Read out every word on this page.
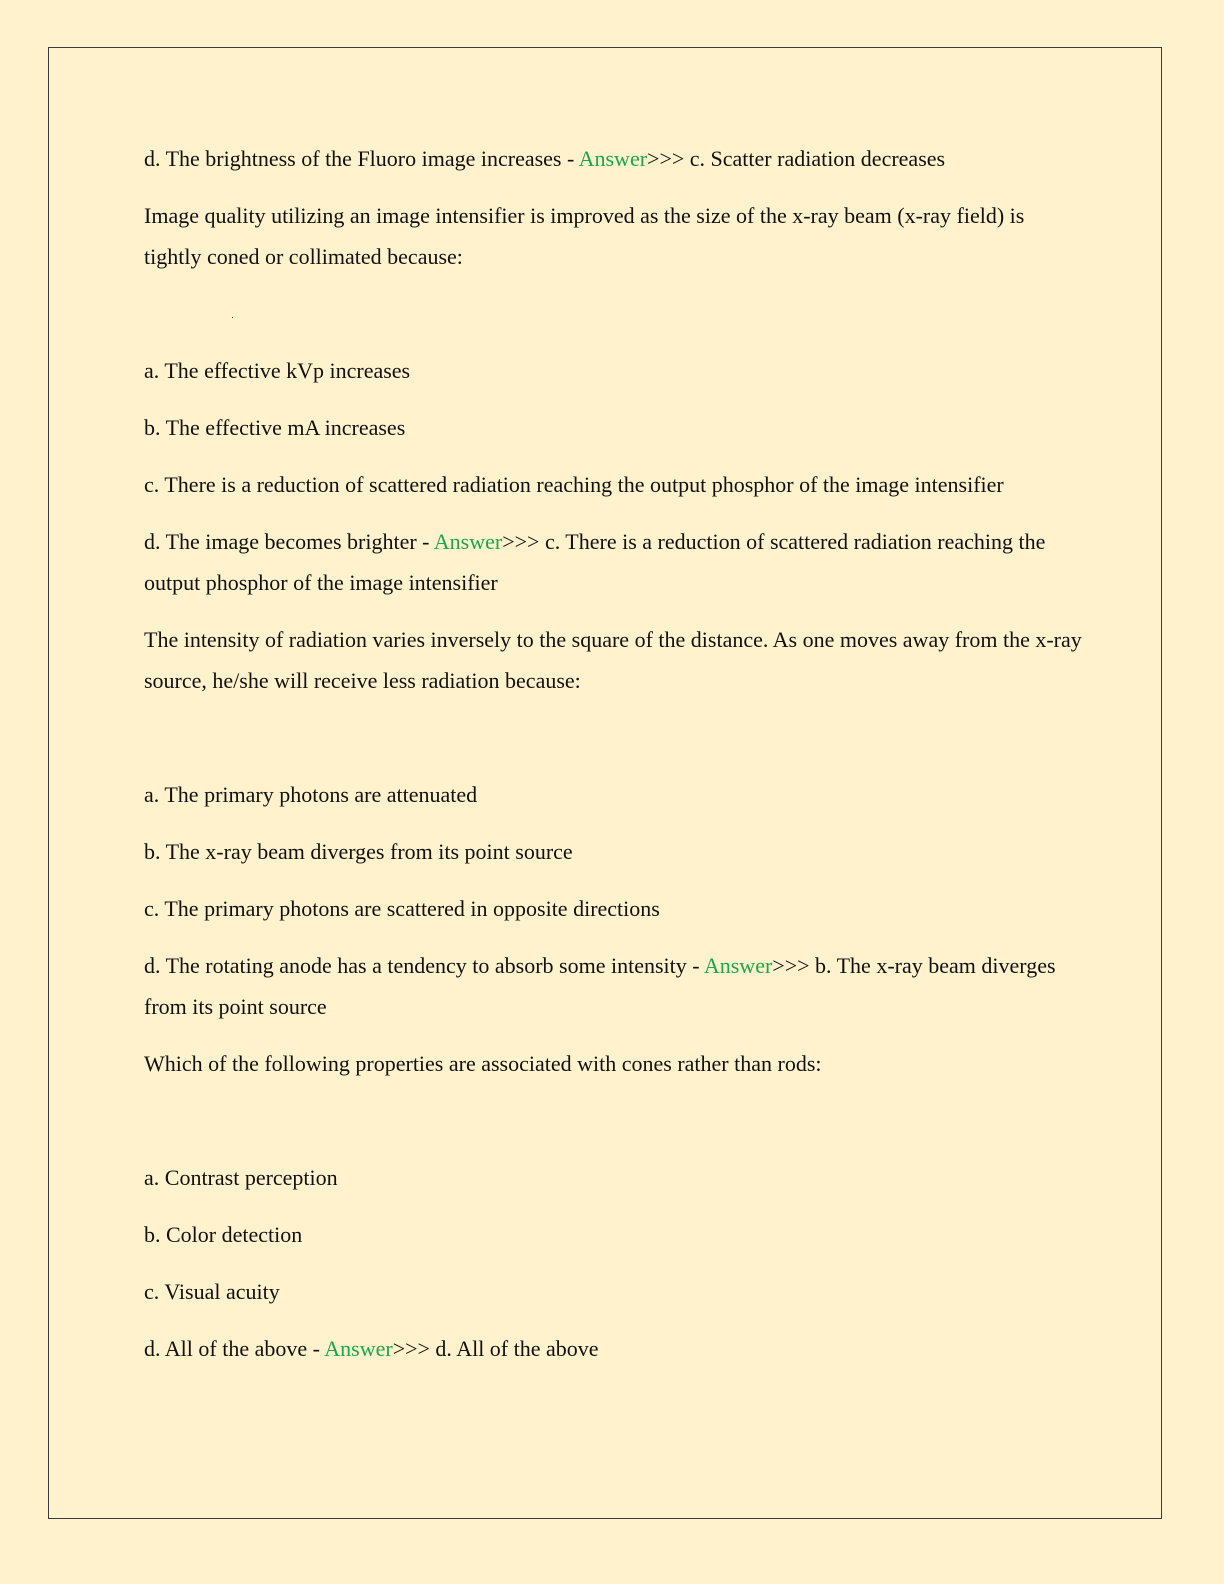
d. The brightness of the Fluoro image increases - Answer>>> c. Scatter radiation decreases

Image quality utilizing an image intensifier is improved as the size of the x-ray beam (x-ray field) is tightly coned or collimated because:

a. The effective kVp increases

b. The effective mA increases

c. There is a reduction of scattered radiation reaching the output phosphor of the image intensifier

d. The image becomes brighter - Answer>>> c. There is a reduction of scattered radiation reaching the output phosphor of the image intensifier

The intensity of radiation varies inversely to the square of the distance. As one moves away from the x-ray source, he/she will receive less radiation because:

a. The primary photons are attenuated

b. The x-ray beam diverges from its point source

c. The primary photons are scattered in opposite directions

d. The rotating anode has a tendency to absorb some intensity - Answer>>> b. The x-ray beam diverges from its point source

Which of the following properties are associated with cones rather than rods:

a. Contrast perception

b. Color detection

c. Visual acuity

d. All of the above - Answer>>> d. All of the above
